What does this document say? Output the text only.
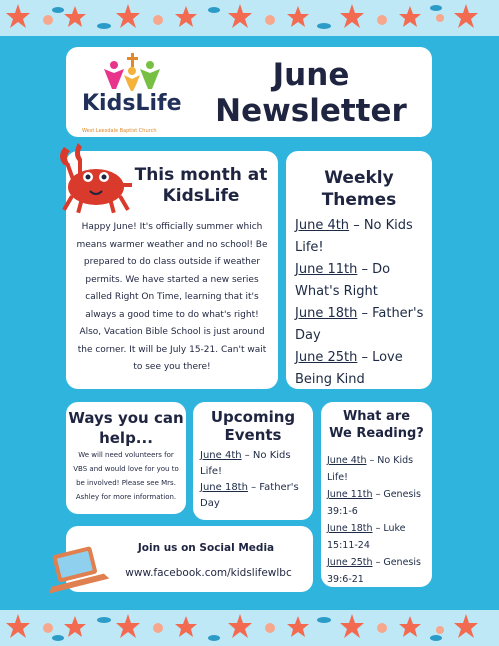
KidsLife
West Leesdale Baptist Church
June
Newsletter
This month at
KidsLife
Happy June! It's officially summer which means warmer weather and no school! Be prepared to do class outside if weather permits. We have started a new series called Right On Time, learning that it's always a good time to do what's right! Also, Vacation Bible School is just around the corner. It will be July 15-21. Can't wait to see you there!
Weekly
Themes
June 4th – No Kids Life!
June 11th – Do What's Right
June 18th – Father's Day
June 25th – Love Being Kind
Ways you can
help...
We will need volunteers for VBS and would love for you to be involved! Please see Mrs. Ashley for more information.
Upcoming
Events
June 4th – No Kids Life!
June 18th – Father's Day
What are
We Reading?
June 4th – No Kids Life!
June 11th – Genesis 39:1-6
June 18th – Luke 15:11-24
June 25th – Genesis 39:6-21
Join us on Social Media
www.facebook.com/kidslifewlbc
